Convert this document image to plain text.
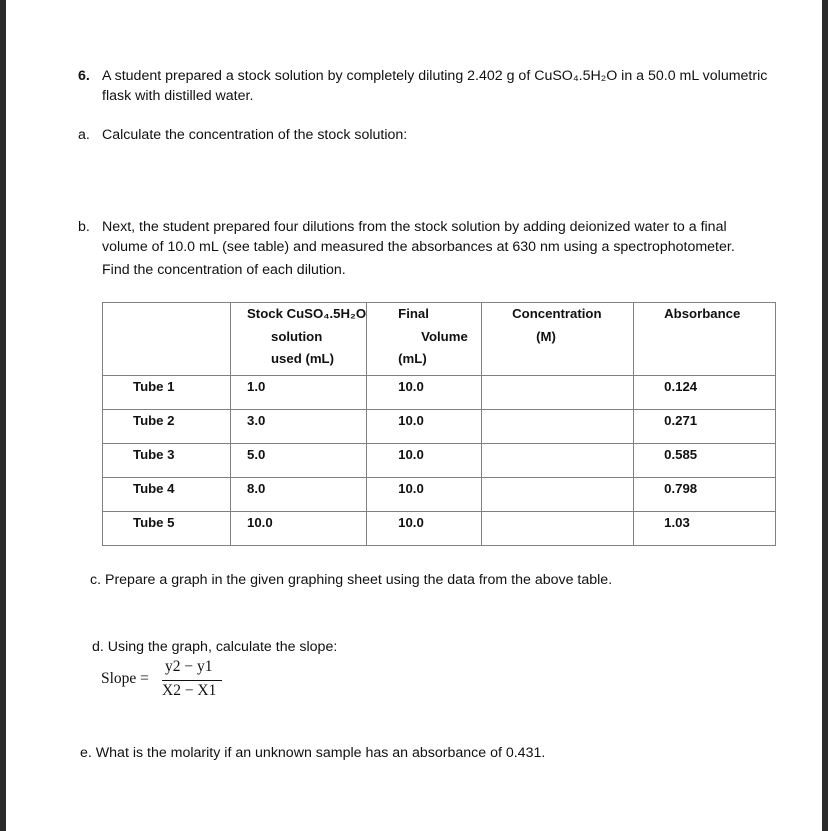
6. A student prepared a stock solution by completely diluting 2.402 g of CuSO₄.5H₂O in a 50.0 mL volumetric
flask with distilled water.
a. Calculate the concentration of the stock solution:
b. Next, the student prepared four dilutions from the stock solution by adding deionized water to a final
volume of 10.0 mL (see table) and measured the absorbances at 630 nm using a spectrophotometer.
Find the concentration of each dilution.

	Stock CuSO₄.5H₂O
solution
used (mL)	Final
Volume
(mL)	Concentration
(M)	Absorbance

Tube 1	1.0	10.0		0.124

Tube 2	3.0	10.0		0.271

Tube 3	5.0	10.0		0.585

Tube 4	8.0	10.0		0.798

Tube 5	10.0	10.0		1.03
c. Prepare a graph in the given graphing sheet using the data from the above table.
d. Using the graph, calculate the slope:
Slope =
y2 − y1
X2 − X1
e. What is the molarity if an unknown sample has an absorbance of 0.431.
